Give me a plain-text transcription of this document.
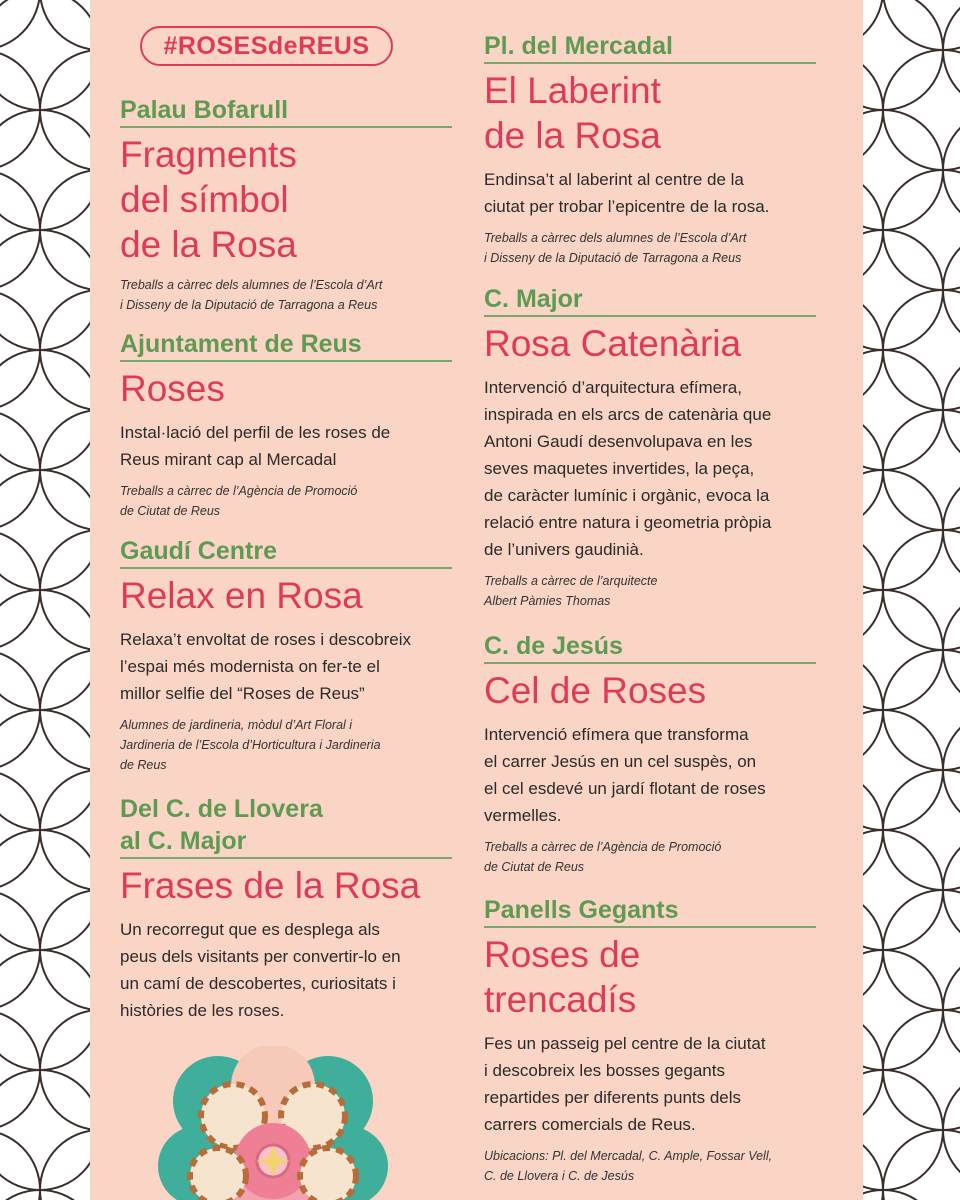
#ROSESdeREUS
Palau Bofarull
Fragments
del símbol
de la Rosa
Treballs a càrrec dels alumnes de l’Escola d’Art
i Disseny de la Diputació de Tarragona a Reus
Ajuntament de Reus
Roses
Instal·lació del perfil de les roses de
Reus mirant cap al Mercadal
Treballs a càrrec de l’Agència de Promoció
de Ciutat de Reus
Gaudí Centre
Relax en Rosa
Relaxa’t envoltat de roses i descobreix
l’espai més modernista on fer-te el
millor selfie del “Roses de Reus”
Alumnes de jardineria, mòdul d’Art Floral i
Jardineria de l’Escola d’Horticultura i Jardineria
de Reus
Del C. de Llovera
al C. Major
Frases de la Rosa
Un recorregut que es desplega als
peus dels visitants per convertir-lo en
un camí de descobertes, curiositats i
històries de les roses.
Pl. del Mercadal
El Laberint
de la Rosa
Endinsa’t al laberint al centre de la
ciutat per trobar l’epicentre de la rosa.
Treballs a càrrec dels alumnes de l’Escola d’Art
i Disseny de la Diputació de Tarragona a Reus
C. Major
Rosa Catenària
Intervenció d’arquitectura efímera,
inspirada en els arcs de catenària que
Antoni Gaudí desenvolupava en les
seves maquetes invertides, la peça,
de caràcter lumínic i orgànic, evoca la
relació entre natura i geometria pròpia
de l’univers gaudinià.
Treballs a càrrec de l’arquitecte
Albert Pàmies Thomas
C. de Jesús
Cel de Roses
Intervenció efímera que transforma
el carrer Jesús en un cel suspès, on
el cel esdevé un jardí flotant de roses
vermelles.
Treballs a càrrec de l’Agència de Promoció
de Ciutat de Reus
Panells Gegants
Roses de
trencadís
Fes un passeig pel centre de la ciutat
i descobreix les bosses gegants
repartides per diferents punts dels
carrers comercials de Reus.
Ubicacions: Pl. del Mercadal, C. Ample, Fossar Vell,
C. de Llovera i C. de Jesús
